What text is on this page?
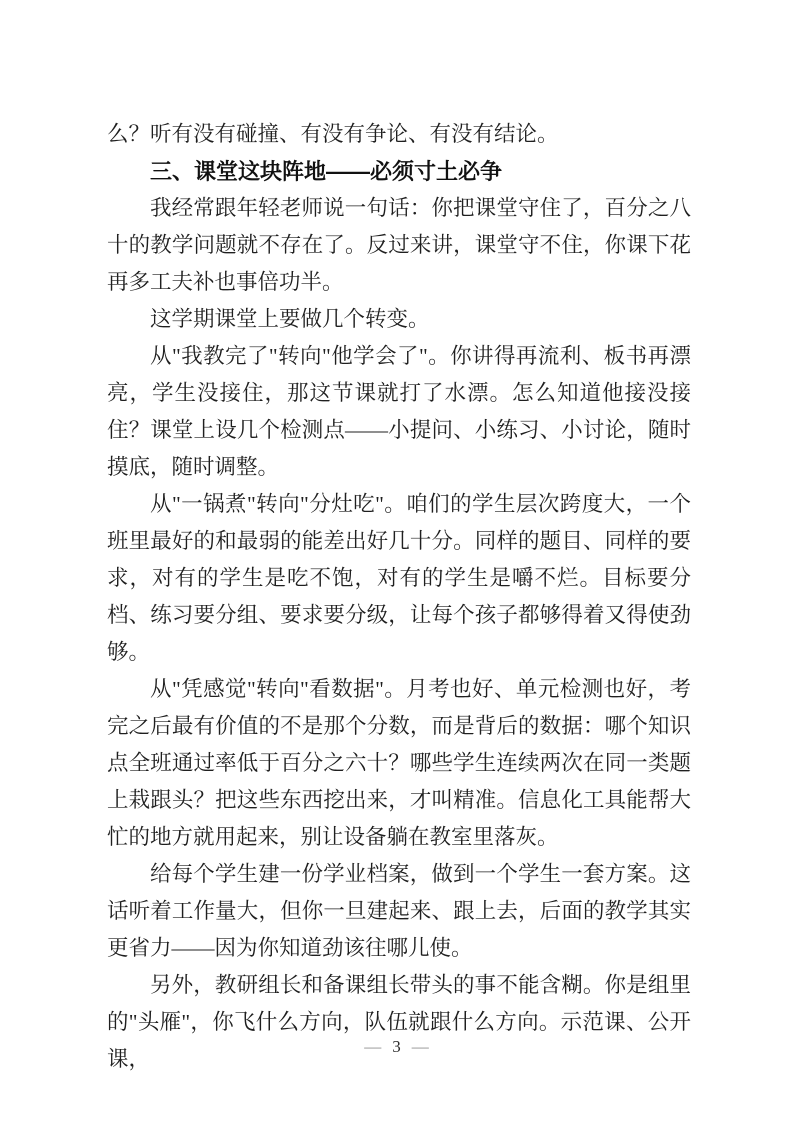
么？听有没有碰撞、有没有争论、有没有结论。

三、课堂这块阵地——必须寸土必争

我经常跟年轻老师说一句话：你把课堂守住了，百分之八十的教学问题就不存在了。反过来讲，课堂守不住，你课下花再多工夫补也事倍功半。

这学期课堂上要做几个转变。

从"我教完了"转向"他学会了"。你讲得再流利、板书再漂亮，学生没接住，那这节课就打了水漂。怎么知道他接没接住？课堂上设几个检测点——小提问、小练习、小讨论，随时摸底，随时调整。

从"一锅煮"转向"分灶吃"。咱们的学生层次跨度大，一个班里最好的和最弱的能差出好几十分。同样的题目、同样的要求，对有的学生是吃不饱，对有的学生是嚼不烂。目标要分档、练习要分组、要求要分级，让每个孩子都够得着又得使劲够。

从"凭感觉"转向"看数据"。月考也好、单元检测也好，考完之后最有价值的不是那个分数，而是背后的数据：哪个知识点全班通过率低于百分之六十？哪些学生连续两次在同一类题上栽跟头？把这些东西挖出来，才叫精准。信息化工具能帮大忙的地方就用起来，别让设备躺在教室里落灰。

给每个学生建一份学业档案，做到一个学生一套方案。这话听着工作量大，但你一旦建起来、跟上去，后面的教学其实更省力——因为你知道劲该往哪儿使。

另外，教研组长和备课组长带头的事不能含糊。你是组里的"头雁"，你飞什么方向，队伍就跟什么方向。示范课、公开课，

— 3 —
